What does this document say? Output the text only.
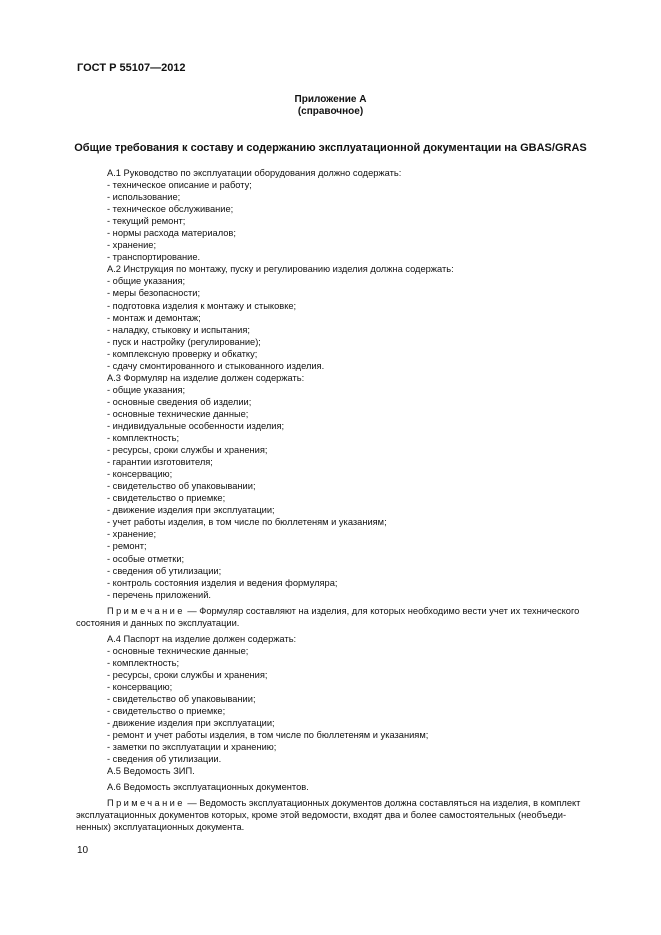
ГОСТ Р 55107—2012
Приложение А
(справочное)
Общие требования к составу и содержанию эксплуатационной документации на GBAS/GRAS
А.1 Руководство по эксплуатации оборудования должно содержать:
- техническое описание и работу;
- использование;
- техническое обслуживание;
- текущий ремонт;
- нормы расхода материалов;
- хранение;
- транспортирование.
А.2 Инструкция по монтажу, пуску и регулированию изделия должна содержать:
- общие указания;
- меры безопасности;
- подготовка изделия к монтажу и стыковке;
- монтаж и демонтаж;
- наладку, стыковку и испытания;
- пуск и настройку (регулирование);
- комплексную проверку и обкатку;
- сдачу смонтированного и стыкованного изделия.
А.3 Формуляр на изделие должен содержать:
- общие указания;
- основные сведения об изделии;
- основные технические данные;
- индивидуальные особенности изделия;
- комплектность;
- ресурсы, сроки службы и хранения;
- гарантии изготовителя;
- консервацию;
- свидетельство об упаковывании;
- свидетельство о приемке;
- движение изделия при эксплуатации;
- учет работы изделия, в том числе по бюллетеням и указаниям;
- хранение;
- ремонт;
- особые отметки;
- сведения об утилизации;
- контроль состояния изделия и ведения формуляра;
- перечень приложений.
Примечание — Формуляр составляют на изделия, для которых необходимо вести учет их технического
состояния и данных по эксплуатации.
А.4 Паспорт на изделие должен содержать:
- основные технические данные;
- комплектность;
- ресурсы, сроки службы и хранения;
- консервацию;
- свидетельство об упаковывании;
- свидетельство о приемке;
- движение изделия при эксплуатации;
- ремонт и учет работы изделия, в том числе по бюллетеням и указаниям;
- заметки по эксплуатации и хранению;
- сведения об утилизации.
А.5 Ведомость ЗИП.
А.6 Ведомость эксплуатационных документов.
Примечание — Ведомость эксплуатационных документов должна составляться на изделия, в комплект
эксплуатационных документов которых, кроме этой ведомости, входят два и более самостоятельных (необъеди-
ненных) эксплуатационных документа.
10
